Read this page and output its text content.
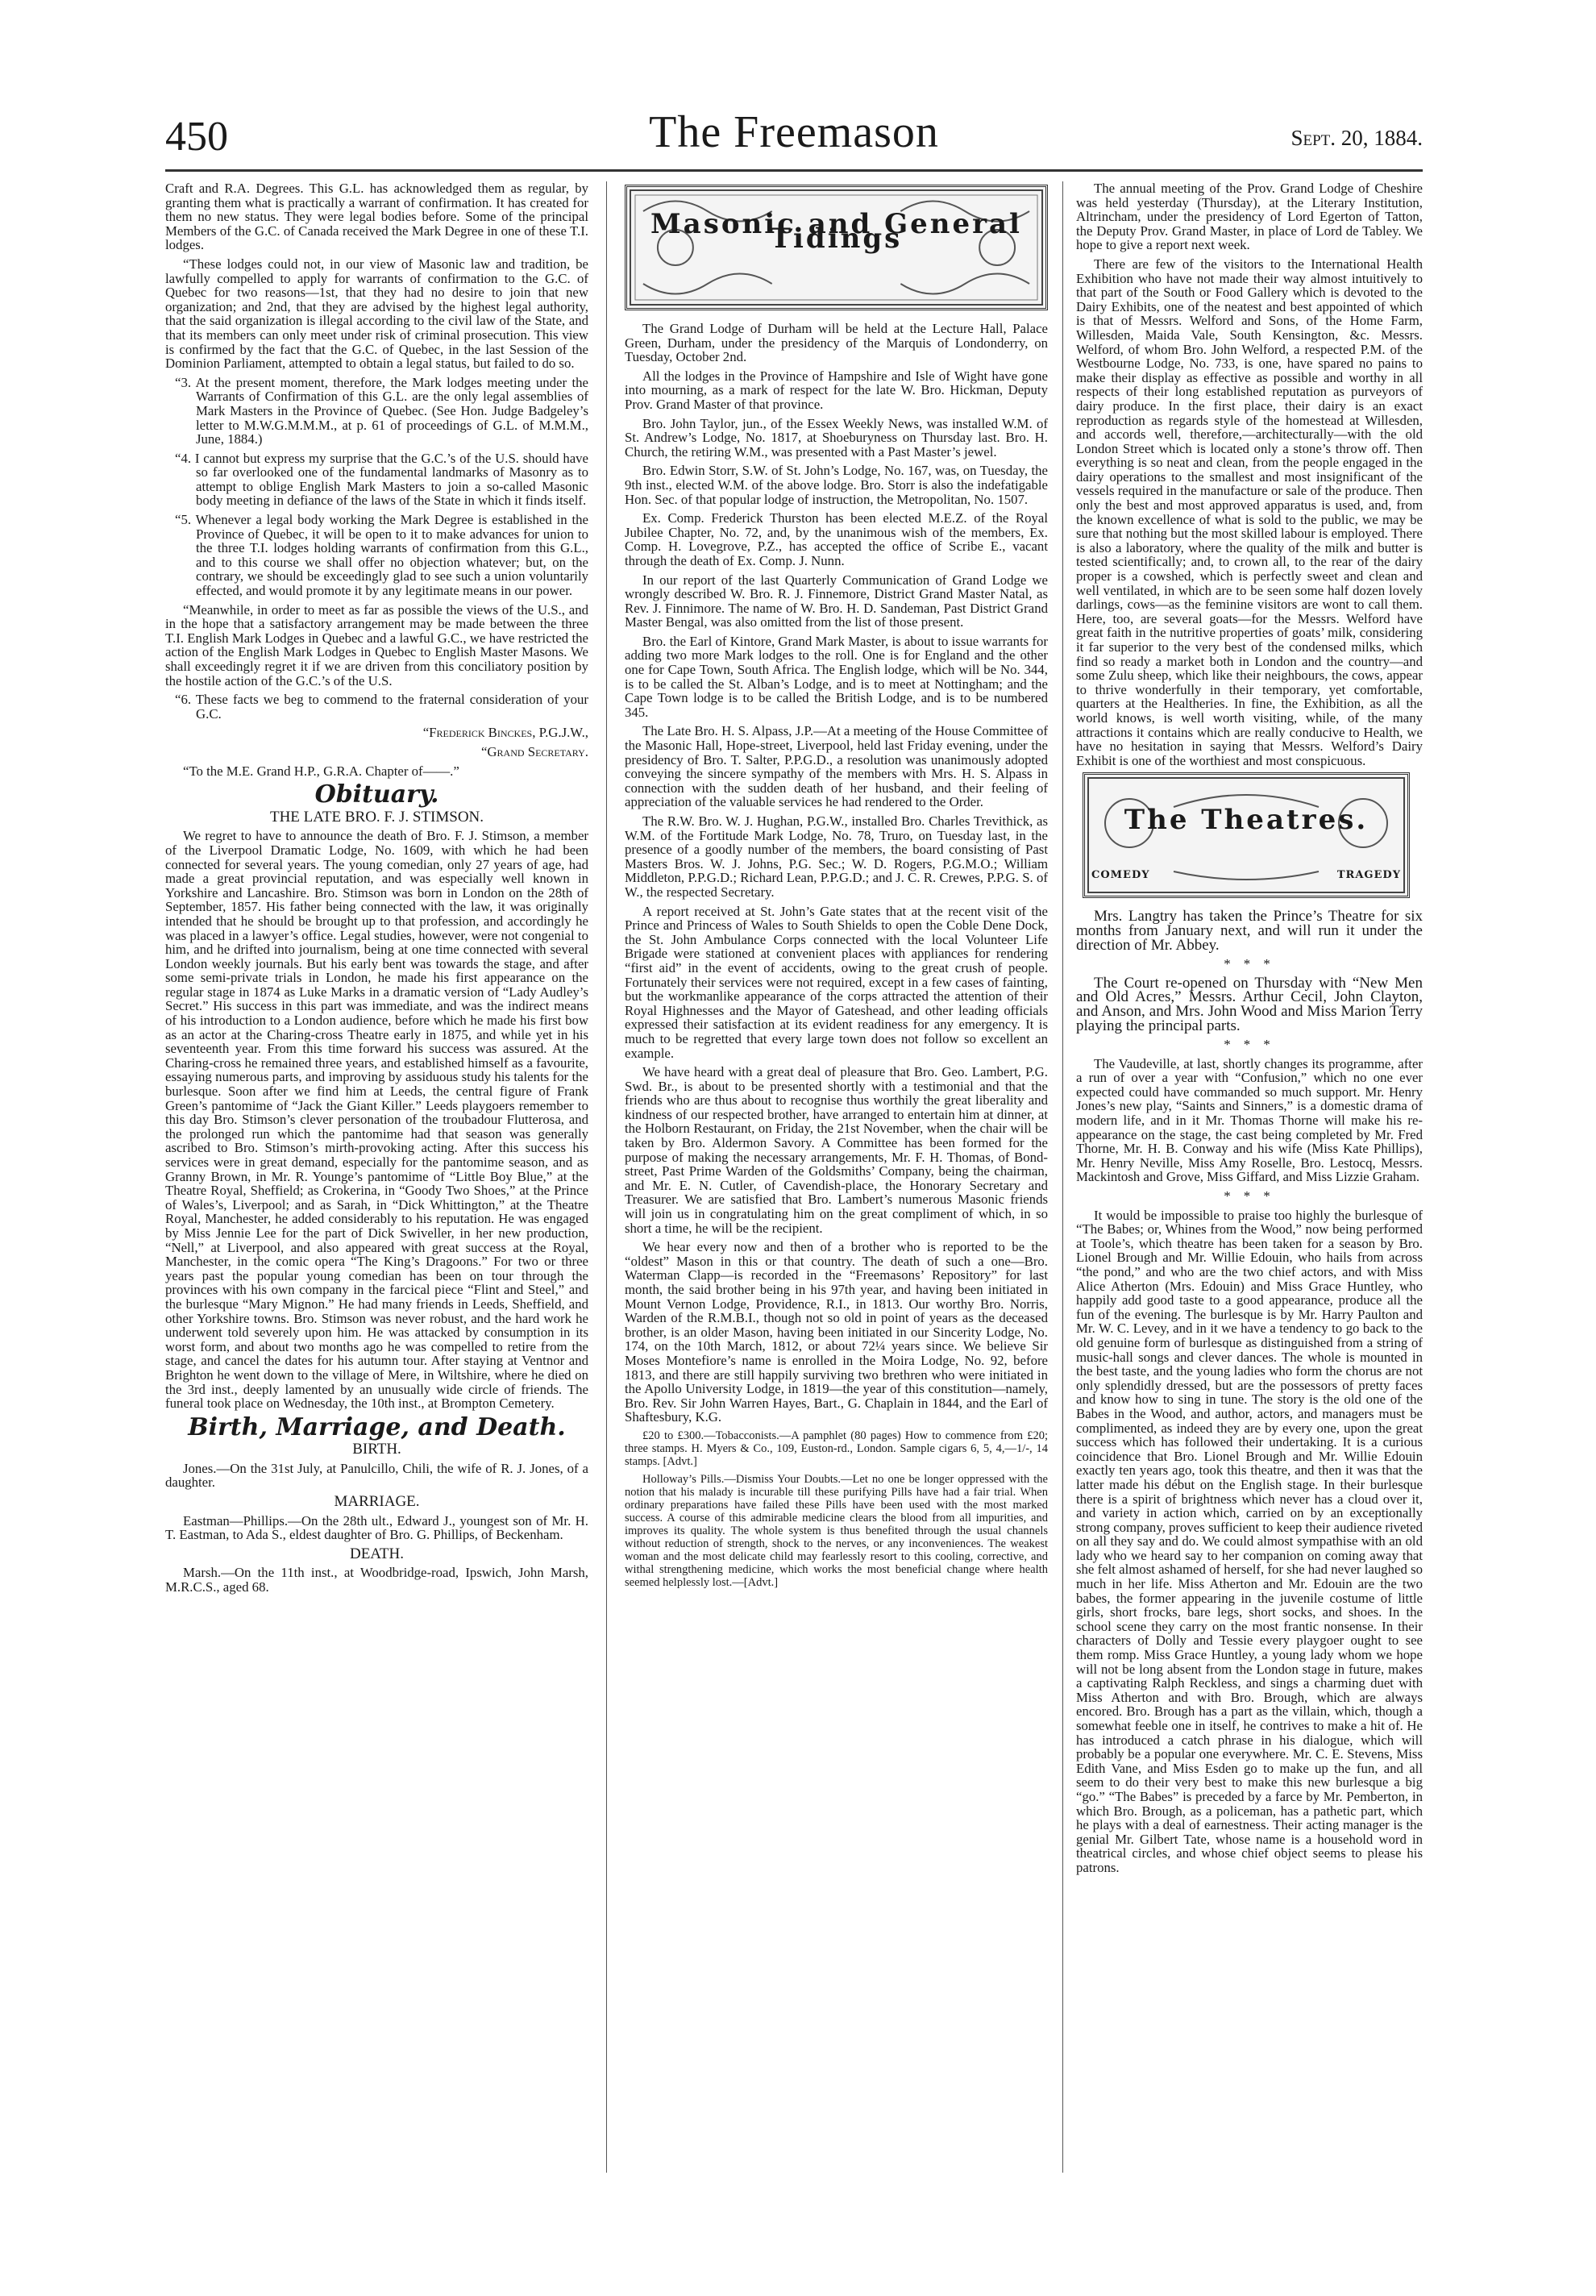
450	The Freemason	Sept. 20, 1884.

Craft and R.A. Degrees. This G.L. has acknowledged them as regular, by granting them what is practically a warrant of confirmation. It has created for them no new status. They were legal bodies before. Some of the principal Members of the G.C. of Canada received the Mark Degree in one of these T.I. lodges.

“These lodges could not, in our view of Masonic law and tradition, be lawfully compelled to apply for warrants of confirmation to the G.C. of Quebec for two reasons—1st, that they had no desire to join that new organization; and 2nd, that they are advised by the highest legal authority, that the said organization is illegal according to the civil law of the State, and that its members can only meet under risk of criminal prosecution. This view is confirmed by the fact that the G.C. of Quebec, in the last Session of the Dominion Parliament, attempted to obtain a legal status, but failed to do so.

“3. At the present moment, therefore, the Mark lodges meeting under the Warrants of Confirmation of this G.L. are the only legal assemblies of Mark Masters in the Province of Quebec. (See Hon. Judge Badgeley’s letter to M.W.G.M.M.M., at p. 61 of proceedings of G.L. of M.M.M., June, 1884.)

“4. I cannot but express my surprise that the G.C.’s of the U.S. should have so far overlooked one of the fundamental landmarks of Masonry as to attempt to oblige English Mark Masters to join a so-called Masonic body meeting in defiance of the laws of the State in which it finds itself.

“5. Whenever a legal body working the Mark Degree is established in the Province of Quebec, it will be open to it to make advances for union to the three T.I. lodges holding warrants of confirmation from this G.L., and to this course we shall offer no objection whatever; but, on the contrary, we should be exceedingly glad to see such a union voluntarily effected, and would promote it by any legitimate means in our power.

“Meanwhile, in order to meet as far as possible the views of the U.S., and in the hope that a satisfactory arrangement may be made between the three T.I. English Mark Lodges in Quebec and a lawful G.C., we have restricted the action of the English Mark Lodges in Quebec to English Master Masons. We shall exceedingly regret it if we are driven from this conciliatory position by the hostile action of the G.C.’s of the U.S.

“6. These facts we beg to commend to the fraternal consideration of your G.C.

“Frederick Binckes, P.G.J.W.,

“Grand Secretary.

“To the M.E. Grand H.P., G.R.A. Chapter of——.”

Obituary.
THE LATE BRO. F. J. STIMSON.

We regret to have to announce the death of Bro. F. J. Stimson, a member of the Liverpool Dramatic Lodge, No. 1609, with which he had been connected for several years. The young comedian, only 27 years of age, had made a great provincial reputation, and was especially well known in Yorkshire and Lancashire. Bro. Stimson was born in London on the 28th of September, 1857. His father being connected with the law, it was originally intended that he should be brought up to that profession, and accordingly he was placed in a lawyer’s office. Legal studies, however, were not congenial to him, and he drifted into journalism, being at one time connected with several London weekly journals. But his early bent was towards the stage, and after some semi-private trials in London, he made his first appearance on the regular stage in 1874 as Luke Marks in a dramatic version of “Lady Audley’s Secret.” His success in this part was immediate, and was the indirect means of his introduction to a London audience, before which he made his first bow as an actor at the Charing-cross Theatre early in 1875, and while yet in his seventeenth year. From this time forward his success was assured. At the Charing-cross he remained three years, and established himself as a favourite, essaying numerous parts, and improving by assiduous study his talents for the burlesque. Soon after we find him at Leeds, the central figure of Frank Green’s pantomime of “Jack the Giant Killer.” Leeds playgoers remember to this day Bro. Stimson’s clever personation of the troubadour Flutterosa, and the prolonged run which the pantomime had that season was generally ascribed to Bro. Stimson’s mirth-provoking acting. After this success his services were in great demand, especially for the pantomime season, and as Granny Brown, in Mr. R. Younge’s pantomime of “Little Boy Blue,” at the Theatre Royal, Sheffield; as Crokerina, in “Goody Two Shoes,” at the Prince of Wales’s, Liverpool; and as Sarah, in “Dick Whittington,” at the Theatre Royal, Manchester, he added considerably to his reputation. He was engaged by Miss Jennie Lee for the part of Dick Swiveller, in her new production, “Nell,” at Liverpool, and also appeared with great success at the Royal, Manchester, in the comic opera “The King’s Dragoons.” For two or three years past the popular young comedian has been on tour through the provinces with his own company in the farcical piece “Flint and Steel,” and the burlesque “Mary Mignon.” He had many friends in Leeds, Sheffield, and other Yorkshire towns. Bro. Stimson was never robust, and the hard work he underwent told severely upon him. He was attacked by consumption in its worst form, and about two months ago he was compelled to retire from the stage, and cancel the dates for his autumn tour. After staying at Ventnor and Brighton he went down to the village of Mere, in Wiltshire, where he died on the 3rd inst., deeply lamented by an unusually wide circle of friends. The funeral took place on Wednesday, the 10th inst., at Brompton Cemetery.

Birth, Marriage, and Death.
BIRTH.

Jones.—On the 31st July, at Panulcillo, Chili, the wife of R. J. Jones, of a daughter.

MARRIAGE.

Eastman—Phillips.—On the 28th ult., Edward J., youngest son of Mr. H. T. Eastman, to Ada S., eldest daughter of Bro. G. Phillips, of Beckenham.

DEATH.

Marsh.—On the 11th inst., at Woodbridge-road, Ipswich, John Marsh, M.R.C.S., aged 68.

Masonic and General Tidings

The Grand Lodge of Durham will be held at the Lecture Hall, Palace Green, Durham, under the presidency of the Marquis of Londonderry, on Tuesday, October 2nd.

All the lodges in the Province of Hampshire and Isle of Wight have gone into mourning, as a mark of respect for the late W. Bro. Hickman, Deputy Prov. Grand Master of that province.

Bro. John Taylor, jun., of the Essex Weekly News, was installed W.M. of St. Andrew’s Lodge, No. 1817, at Shoeburyness on Thursday last. Bro. H. Church, the retiring W.M., was presented with a Past Master’s jewel.

Bro. Edwin Storr, S.W. of St. John’s Lodge, No. 167, was, on Tuesday, the 9th inst., elected W.M. of the above lodge. Bro. Storr is also the indefatigable Hon. Sec. of that popular lodge of instruction, the Metropolitan, No. 1507.

Ex. Comp. Frederick Thurston has been elected M.E.Z. of the Royal Jubilee Chapter, No. 72, and, by the unanimous wish of the members, Ex. Comp. H. Lovegrove, P.Z., has accepted the office of Scribe E., vacant through the death of Ex. Comp. J. Nunn.

In our report of the last Quarterly Communication of Grand Lodge we wrongly described W. Bro. R. J. Finnemore, District Grand Master Natal, as Rev. J. Finnimore. The name of W. Bro. H. D. Sandeman, Past District Grand Master Bengal, was also omitted from the list of those present.

Bro. the Earl of Kintore, Grand Mark Master, is about to issue warrants for adding two more Mark lodges to the roll. One is for England and the other one for Cape Town, South Africa. The English lodge, which will be No. 344, is to be called the St. Alban’s Lodge, and is to meet at Nottingham; and the Cape Town lodge is to be called the British Lodge, and is to be numbered 345.

The Late Bro. H. S. Alpass, J.P.—At a meeting of the House Committee of the Masonic Hall, Hope-street, Liverpool, held last Friday evening, under the presidency of Bro. T. Salter, P.P.G.D., a resolution was unanimously adopted conveying the sincere sympathy of the members with Mrs. H. S. Alpass in connection with the sudden death of her husband, and their feeling of appreciation of the valuable services he had rendered to the Order.

The R.W. Bro. W. J. Hughan, P.G.W., installed Bro. Charles Trevithick, as W.M. of the Fortitude Mark Lodge, No. 78, Truro, on Tuesday last, in the presence of a goodly number of the members, the board consisting of Past Masters Bros. W. J. Johns, P.G. Sec.; W. D. Rogers, P.G.M.O.; William Middleton, P.P.G.D.; Richard Lean, P.P.G.D.; and J. C. R. Crewes, P.P.G. S. of W., the respected Secretary.

A report received at St. John’s Gate states that at the recent visit of the Prince and Princess of Wales to South Shields to open the Coble Dene Dock, the St. John Ambulance Corps connected with the local Volunteer Life Brigade were stationed at convenient places with appliances for rendering “first aid” in the event of accidents, owing to the great crush of people. Fortunately their services were not required, except in a few cases of fainting, but the workmanlike appearance of the corps attracted the attention of their Royal Highnesses and the Mayor of Gateshead, and other leading officials expressed their satisfaction at its evident readiness for any emergency. It is much to be regretted that every large town does not follow so excellent an example.

We have heard with a great deal of pleasure that Bro. Geo. Lambert, P.G. Swd. Br., is about to be presented shortly with a testimonial and that the friends who are thus about to recognise thus worthily the great liberality and kindness of our respected brother, have arranged to entertain him at dinner, at the Holborn Restaurant, on Friday, the 21st November, when the chair will be taken by Bro. Aldermon Savory. A Committee has been formed for the purpose of making the necessary arrangements, Mr. F. H. Thomas, of Bond-street, Past Prime Warden of the Goldsmiths’ Company, being the chairman, and Mr. E. N. Cutler, of Cavendish-place, the Honorary Secretary and Treasurer. We are satisfied that Bro. Lambert’s numerous Masonic friends will join us in congratulating him on the great compliment of which, in so short a time, he will be the recipient.

We hear every now and then of a brother who is reported to be the “oldest” Mason in this or that country. The death of such a one—Bro. Waterman Clapp—is recorded in the “Freemasons’ Repository” for last month, the said brother being in his 97th year, and having been initiated in Mount Vernon Lodge, Providence, R.I., in 1813. Our worthy Bro. Norris, Warden of the R.M.B.I., though not so old in point of years as the deceased brother, is an older Mason, having been initiated in our Sincerity Lodge, No. 174, on the 10th March, 1812, or about 72¼ years since. We believe Sir Moses Montefiore’s name is enrolled in the Moira Lodge, No. 92, before 1813, and there are still happily surviving two brethren who were initiated in the Apollo University Lodge, in 1819—the year of this constitution—namely, Bro. Rev. Sir John Warren Hayes, Bart., G. Chaplain in 1844, and the Earl of Shaftesbury, K.G.

£20 to £300.—Tobacconists.—A pamphlet (80 pages) How to commence from £20; three stamps. H. Myers & Co., 109, Euston-rd., London. Sample cigars 6, 5, 4,—1/-, 14 stamps. [Advt.]

Holloway’s Pills.—Dismiss Your Doubts.—Let no one be longer oppressed with the notion that his malady is incurable till these purifying Pills have had a fair trial. When ordinary preparations have failed these Pills have been used with the most marked success. A course of this admirable medicine clears the blood from all impurities, and improves its quality. The whole system is thus benefited through the usual channels without reduction of strength, shock to the nerves, or any inconveniences. The weakest woman and the most delicate child may fearlessly resort to this cooling, corrective, and withal strengthening medicine, which works the most beneficial change where health seemed helplessly lost.—[Advt.]

The annual meeting of the Prov. Grand Lodge of Cheshire was held yesterday (Thursday), at the Literary Institution, Altrincham, under the presidency of Lord Egerton of Tatton, the Deputy Prov. Grand Master, in place of Lord de Tabley. We hope to give a report next week.

There are few of the visitors to the International Health Exhibition who have not made their way almost intuitively to that part of the South or Food Gallery which is devoted to the Dairy Exhibits, one of the neatest and best appointed of which is that of Messrs. Welford and Sons, of the Home Farm, Willesden, Maida Vale, South Kensington, &c. Messrs. Welford, of whom Bro. John Welford, a respected P.M. of the Westbourne Lodge, No. 733, is one, have spared no pains to make their display as effective as possible and worthy in all respects of their long established reputation as purveyors of dairy produce. In the first place, their dairy is an exact reproduction as regards style of the homestead at Willesden, and accords well, therefore,—architecturally—with the old London Street which is located only a stone’s throw off. Then everything is so neat and clean, from the people engaged in the dairy operations to the smallest and most insignificant of the vessels required in the manufacture or sale of the produce. Then only the best and most approved apparatus is used, and, from the known excellence of what is sold to the public, we may be sure that nothing but the most skilled labour is employed. There is also a laboratory, where the quality of the milk and butter is tested scientifically; and, to crown all, to the rear of the dairy proper is a cowshed, which is perfectly sweet and clean and well ventilated, in which are to be seen some half dozen lovely darlings, cows—as the feminine visitors are wont to call them. Here, too, are several goats—for the Messrs. Welford have great faith in the nutritive properties of goats’ milk, considering it far superior to the very best of the condensed milks, which find so ready a market both in London and the country—and some Zulu sheep, which like their neighbours, the cows, appear to thrive wonderfully in their temporary, yet comfortable, quarters at the Healtheries. In fine, the Exhibition, as all the world knows, is well worth visiting, while, of the many attractions it contains which are really conducive to Health, we have no hesitation in saying that Messrs. Welford’s Dairy Exhibit is one of the worthiest and most conspicuous.

The Theatres.
COMEDY	TRAGEDY

Mrs. Langtry has taken the Prince’s Theatre for six months from January next, and will run it under the direction of Mr. Abbey.

* * *

The Court re-opened on Thursday with “New Men and Old Acres,” Messrs. Arthur Cecil, John Clayton, and Anson, and Mrs. John Wood and Miss Marion Terry playing the principal parts.

* * *

The Vaudeville, at last, shortly changes its programme, after a run of over a year with “Confusion,” which no one ever expected could have commanded so much support. Mr. Henry Jones’s new play, “Saints and Sinners,” is a domestic drama of modern life, and in it Mr. Thomas Thorne will make his re-appearance on the stage, the cast being completed by Mr. Fred Thorne, Mr. H. B. Conway and his wife (Miss Kate Phillips), Mr. Henry Neville, Miss Amy Roselle, Bro. Lestocq, Messrs. Mackintosh and Grove, Miss Giffard, and Miss Lizzie Graham.

* * *

It would be impossible to praise too highly the burlesque of “The Babes; or, Whines from the Wood,” now being performed at Toole’s, which theatre has been taken for a season by Bro. Lionel Brough and Mr. Willie Edouin, who hails from across “the pond,” and who are the two chief actors, and with Miss Alice Atherton (Mrs. Edouin) and Miss Grace Huntley, who happily add good taste to a good appearance, produce all the fun of the evening. The burlesque is by Mr. Harry Paulton and Mr. W. C. Levey, and in it we have a tendency to go back to the old genuine form of burlesque as distinguished from a string of music-hall songs and clever dances. The whole is mounted in the best taste, and the young ladies who form the chorus are not only splendidly dressed, but are the possessors of pretty faces and know how to sing in tune. The story is the old one of the Babes in the Wood, and author, actors, and managers must be complimented, as indeed they are by every one, upon the great success which has followed their undertaking. It is a curious coincidence that Bro. Lionel Brough and Mr. Willie Edouin exactly ten years ago, took this theatre, and then it was that the latter made his début on the English stage. In their burlesque there is a spirit of brightness which never has a cloud over it, and variety in action which, carried on by an exceptionally strong company, proves sufficient to keep their audience riveted on all they say and do. We could almost sympathise with an old lady who we heard say to her companion on coming away that she felt almost ashamed of herself, for she had never laughed so much in her life. Miss Atherton and Mr. Edouin are the two babes, the former appearing in the juvenile costume of little girls, short frocks, bare legs, short socks, and shoes. In the school scene they carry on the most frantic nonsense. In their characters of Dolly and Tessie every playgoer ought to see them romp. Miss Grace Huntley, a young lady whom we hope will not be long absent from the London stage in future, makes a captivating Ralph Reckless, and sings a charming duet with Miss Atherton and with Bro. Brough, which are always encored. Bro. Brough has a part as the villain, which, though a somewhat feeble one in itself, he contrives to make a hit of. He has introduced a catch phrase in his dialogue, which will probably be a popular one everywhere. Mr. C. E. Stevens, Miss Edith Vane, and Miss Esden go to make up the fun, and all seem to do their very best to make this new burlesque a big “go.” “The Babes” is preceded by a farce by Mr. Pemberton, in which Bro. Brough, as a policeman, has a pathetic part, which he plays with a deal of earnestness. Their acting manager is the genial Mr. Gilbert Tate, whose name is a household word in theatrical circles, and whose chief object seems to please his patrons.
